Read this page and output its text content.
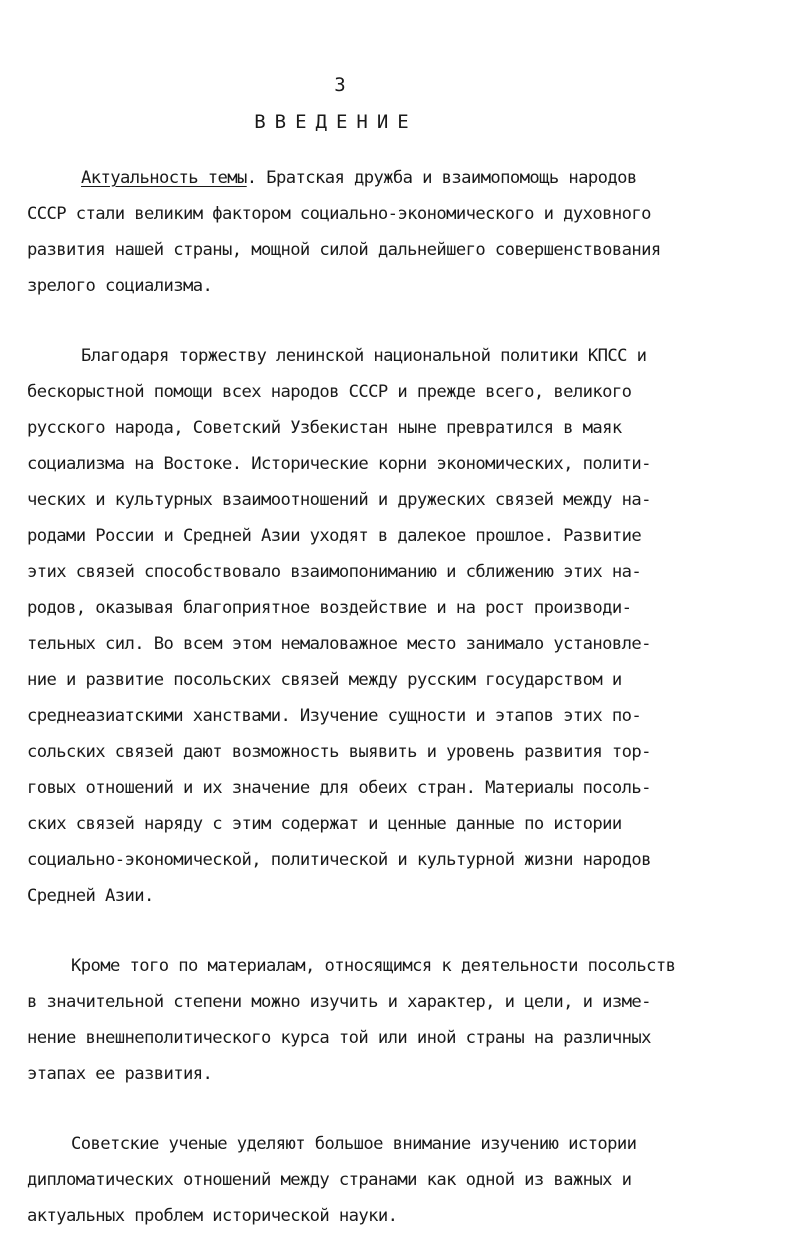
3
ВВЕДЕНИЕ
Актуальность темы. Братская дружба и взаимопомощь народов
СССР стали великим фактором социально-экономического и духовного
развития нашей страны, мощной силой дальнейшего совершенствования
зрелого социализма.
Благодаря торжеству ленинской национальной политики КПСС и
бескорыстной помощи всех народов СССР и прежде всего, великого
русского народа, Советский Узбекистан ныне превратился в маяк
социализма на Востоке. Исторические корни экономических, полити-
ческих и культурных взаимоотношений и дружеских связей между на-
родами России и Средней Азии уходят в далекое прошлое. Развитие
этих связей способствовало взаимопониманию и сближению этих на-
родов, оказывая благоприятное воздействие и на рост производи-
тельных сил. Во всем этом немаловажное место занимало установле-
ние и развитие посольских связей между русским государством и
среднеазиатскими ханствами. Изучение сущности и этапов этих по-
сольских связей дают возможность выявить и уровень развития тор-
говых отношений и их значение для обеих стран. Материалы посоль-
ских связей наряду с этим содержат и ценные данные по истории
социально-экономической, политической и культурной жизни народов
Средней Азии.
Кроме того по материалам, относящимся к деятельности посольств
в значительной степени можно изучить и характер, и цели, и изме-
нение внешнеполитического курса той или иной страны на различных
этапах ее развития.
Советские ученые уделяют большое внимание изучению истории
дипломатических отношений между странами как одной из важных и
актуальных проблем исторической науки.
